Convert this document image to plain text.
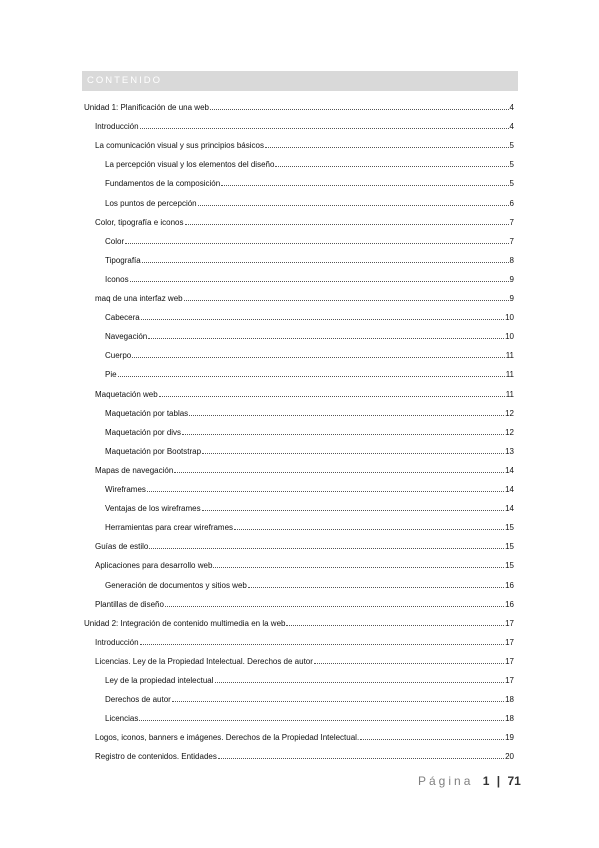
CONTENIDO
Unidad 1: Planificación de una web	4
Introducción	4
La comunicación visual y sus principios básicos	5
La percepción visual y los elementos del diseño	5
Fundamentos de la composición	5
Los puntos de percepción	6
Color, tipografía e iconos	7
Color	7
Tipografía	8
Iconos	9
maq de una interfaz web	9
Cabecera	10
Navegación	10
Cuerpo	11
Pie	11
Maquetación web	11
Maquetación por tablas	12
Maquetación por divs	12
Maquetación por Bootstrap	13
Mapas de navegación	14
Wireframes	14
Ventajas de los wireframes	14
Herramientas para crear wireframes	15
Guías de estilo	15
Aplicaciones para desarrollo web	15
Generación de documentos y sitios web	16
Plantillas de diseño	16
Unidad 2: Integración de contenido multimedia en la web	17
Introducción	17
Licencias. Ley de la Propiedad Intelectual. Derechos de autor	17
Ley de la propiedad intelectual	17
Derechos de autor	18
Licencias	18
Logos, iconos, banners e imágenes. Derechos de la Propiedad Intelectual.	19
Registro de contenidos. Entidades	20
Página 1 | 71
